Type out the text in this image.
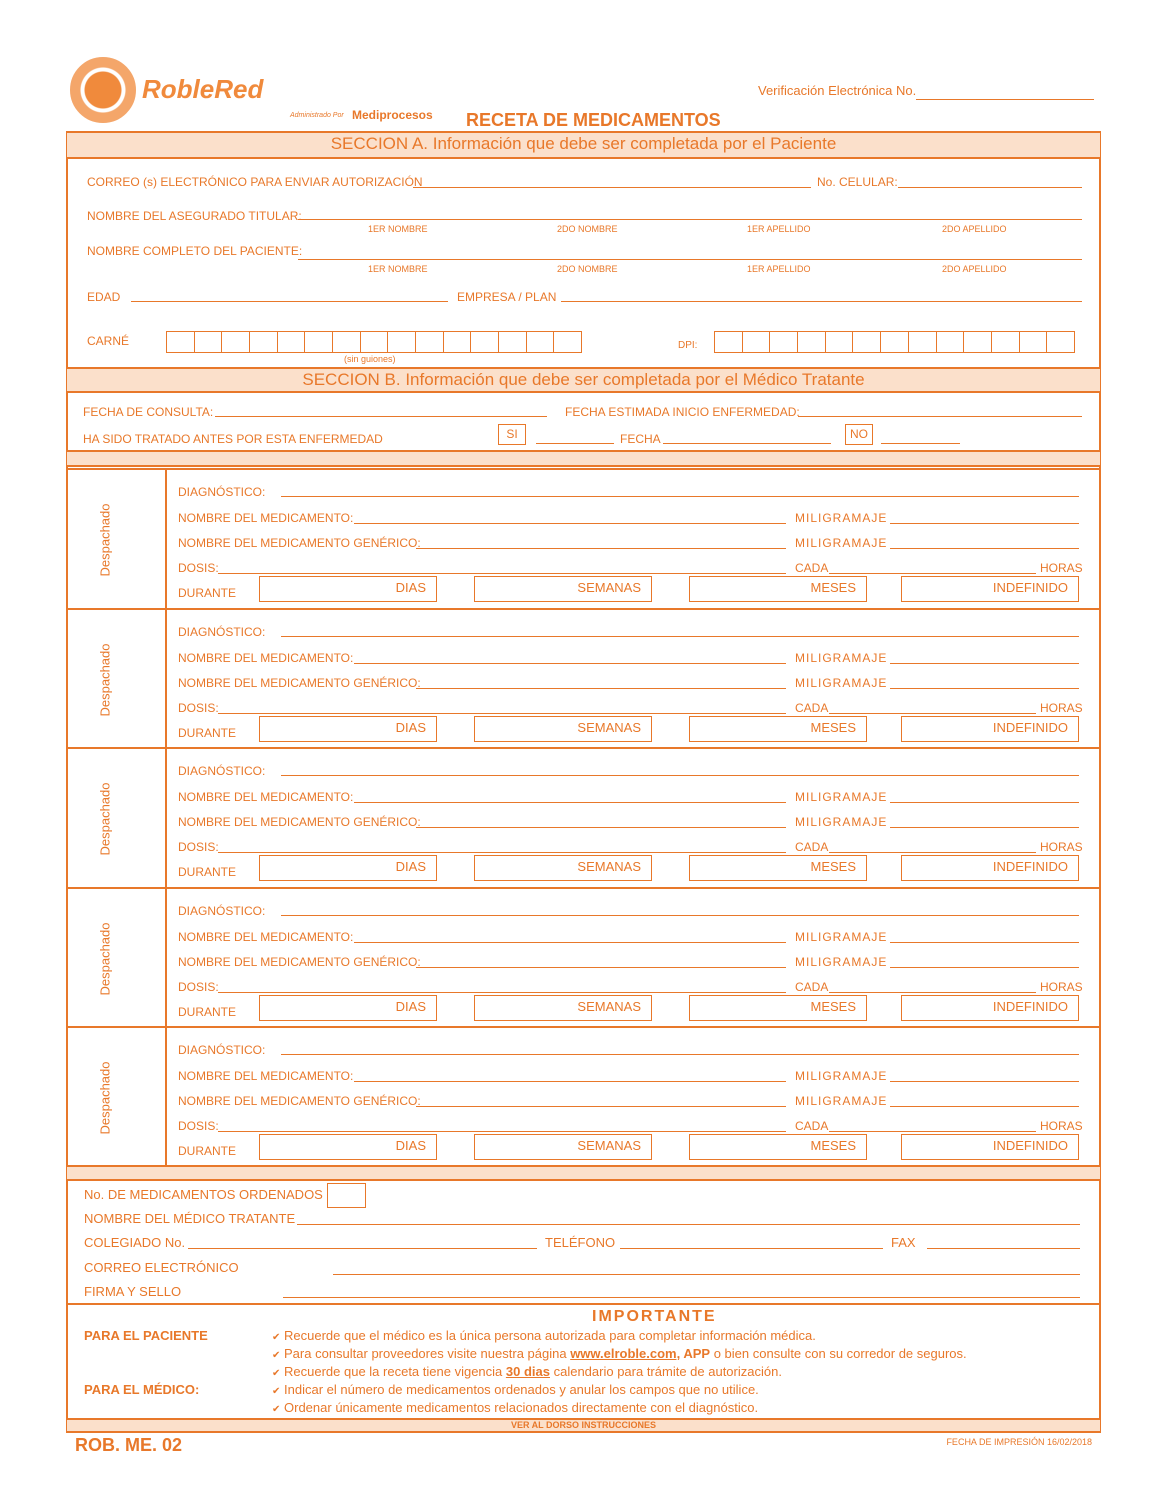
RobleRed
Administrado Por Mediprocesos RECETA DE MEDICAMENTOS
Verificación Electrónica No.
SECCION A. Información que debe ser completada por el Paciente
CORREO (s) ELECTRÓNICO PARA ENVIAR AUTORIZACIÓN	No. CELULAR:
NOMBRE DEL ASEGURADO TITULAR:
NOMBRE COMPLETO DEL PACIENTE:
EDAD	EMPRESA / PLAN
CARNÉ
(sin guiones)
DPI:
SECCION B. Información que debe ser completada por el Médico Tratante
FECHA DE CONSULTA:	FECHA ESTIMADA INICIO ENFERMEDAD:
HA SIDO TRATADO ANTES POR ESTA ENFERMEDAD	SI	FECHA	NO
No. DE MEDICAMENTOS ORDENADOS
NOMBRE DEL MÉDICO TRATANTE
COLEGIADO No.	TELÉFONO	FAX
CORREO ELECTRÓNICO
FIRMA Y SELLO
IMPORTANTE
PARA EL PACIENTE
PARA EL MÉDICO:
✔ Recuerde que el médico es la única persona autorizada para completar información médica.
✔ Para consultar proveedores visite nuestra página www.elroble.com, APP o bien consulte con su corredor de seguros.
✔ Recuerde que la receta tiene vigencia 30 dias calendario para trámite de autorización.
✔ Indicar el número de medicamentos ordenados y anular los campos que no utilice.
✔ Ordenar únicamente medicamentos relacionados directamente con el diagnóstico.
VER AL DORSO INSTRUCCIONES
ROB. ME. 02	FECHA DE IMPRESIÓN 16/02/2018
1ER NOMBRE	2DO NOMBRE	1ER APELLIDO	2DO APELLIDO
1ER NOMBRE	2DO NOMBRE	1ER APELLIDO	2DO APELLIDO
Despachado
DIAGNÓSTICO:
NOMBRE DEL MEDICAMENTO:	MILIGRAMAJE
NOMBRE DEL MEDICAMENTO GENÉRICO:	MILIGRAMAJE
DOSIS:	CADA	HORAS
DURANTE	DIAS	SEMANAS	MESES	INDEFINIDO
Despachado
DIAGNÓSTICO:
NOMBRE DEL MEDICAMENTO:	MILIGRAMAJE
NOMBRE DEL MEDICAMENTO GENÉRICO:	MILIGRAMAJE
DOSIS:	CADA	HORAS
DURANTE	DIAS	SEMANAS	MESES	INDEFINIDO
Despachado
DIAGNÓSTICO:
NOMBRE DEL MEDICAMENTO:	MILIGRAMAJE
NOMBRE DEL MEDICAMENTO GENÉRICO:	MILIGRAMAJE
DOSIS:	CADA	HORAS
DURANTE	DIAS	SEMANAS	MESES	INDEFINIDO
Despachado
DIAGNÓSTICO:
NOMBRE DEL MEDICAMENTO:	MILIGRAMAJE
NOMBRE DEL MEDICAMENTO GENÉRICO:	MILIGRAMAJE
DOSIS:	CADA	HORAS
DURANTE	DIAS	SEMANAS	MESES	INDEFINIDO
Despachado
DIAGNÓSTICO:
NOMBRE DEL MEDICAMENTO:	MILIGRAMAJE
NOMBRE DEL MEDICAMENTO GENÉRICO:	MILIGRAMAJE
DOSIS:	CADA	HORAS
DURANTE	DIAS	SEMANAS	MESES	INDEFINIDO
